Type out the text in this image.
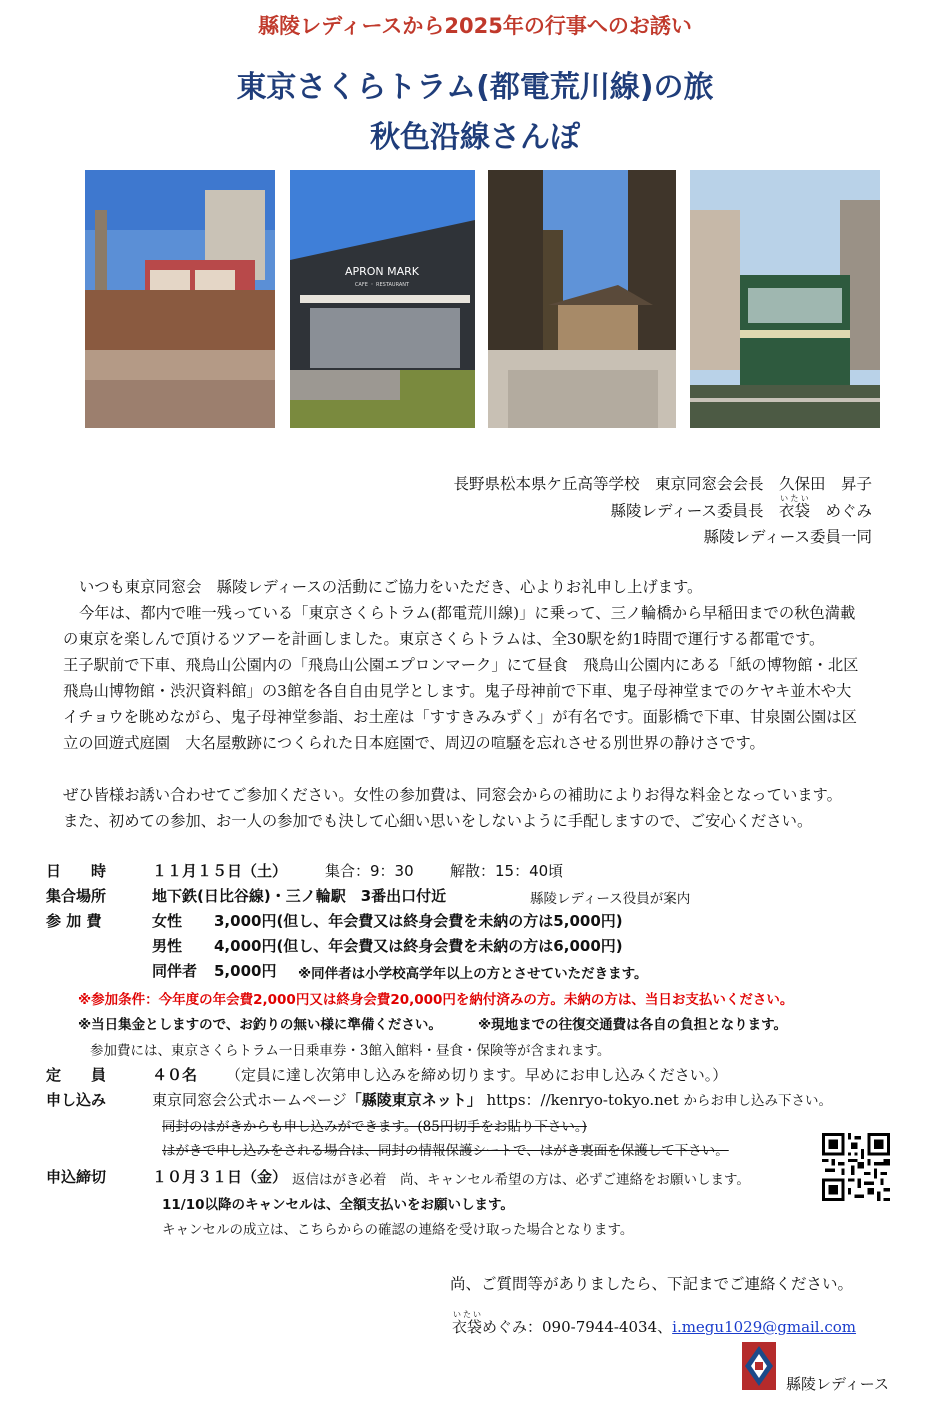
縣陵レディースから2025年の行事へのお誘い
東京さくらトラム(都電荒川線)の旅
秋色沿線さんぽ
APRON MARK
CAFE ・ RESTAURANT
長野県松本県ケ丘高等学校　東京同窓会会長　久保田　昇子
縣陵レディース委員長　衣袋いたい　めぐみ
縣陵レディース委員一同

いつも東京同窓会　縣陵レディースの活動にご協力をいただき、心よりお礼申し上げます。

今年は、都内で唯一残っている「東京さくらトラム(都電荒川線)」に乗って、三ノ輪橋から早稲田までの秋色満載

の東京を楽しんで頂けるツアーを計画しました。東京さくらトラムは、全30駅を約1時間で運行する都電です。

王子駅前で下車、飛鳥山公園内の「飛鳥山公園エプロンマーク」にて昼食　飛鳥山公園内にある「紙の博物館・北区

飛鳥山博物館・渋沢資料館」の3館を各自自由見学とします。鬼子母神前で下車、鬼子母神堂までのケヤキ並木や大

イチョウを眺めながら、鬼子母神堂参詣、お土産は「すすきみみずく」が有名です。面影橋で下車、甘泉園公園は区

立の回遊式庭園　大名屋敷跡につくられた日本庭園で、周辺の喧騒を忘れさせる別世界の静けさです。

ぜひ皆様お誘い合わせてご参加ください。女性の参加費は、同窓会からの補助によりお得な料金となっています。

また、初めての参加、お一人の参加でも決して心細い思いをしないように手配しますので、ご安心ください。

日　　時	１１月１５日（土）	集合：9：30 解散：15：40頃
集合場所	地下鉄(日比谷線)・三ノ輪駅　3番出口付近	縣陵レディース役員が案内
参 加 費	女性 3,000円(但し、年会費又は終身会費を未納の方は5,000円)
男性 4,000円(但し、年会費又は終身会費を未納の方は6,000円)
同伴者 5,000円 ※同伴者は小学校高学年以上の方とさせていただきます。
※参加条件：今年度の年会費2,000円又は終身会費20,000円を納付済みの方。未納の方は、当日お支払いください。
※当日集金としますので、お釣りの無い様に準備ください。	※現地までの往復交通費は各自の負担となります。
参加費には、東京さくらトラム一日乗車券・3館入館料・昼食・保険等が含まれます。
定　　員	４０名 （定員に達し次第申し込みを締め切ります。早めにお申し込みください。）
申し込み	東京同窓会公式ホームページ「縣陵東京ネット」 https：//kenryo-tokyo.net からお申し込み下さい。
同封のはがきからも申し込みができます。(85円切手をお貼り下さい。)
はがきで申し込みをされる場合は、同封の情報保護シートで、はがき裏面を保護して下さい。
申込締切	１０月３１日（金） 返信はがき必着　尚、キャンセル希望の方は、必ずご連絡をお願いします。
11/10以降のキャンセルは、全額支払いをお願いします。
キャンセルの成立は、こちらからの確認の連絡を受け取った場合となります。
尚、ご質問等がありましたら、下記までご連絡ください。
衣袋いたいめぐみ：090-7944-4034、i.megu1029@gmail.com
縣陵レディース
